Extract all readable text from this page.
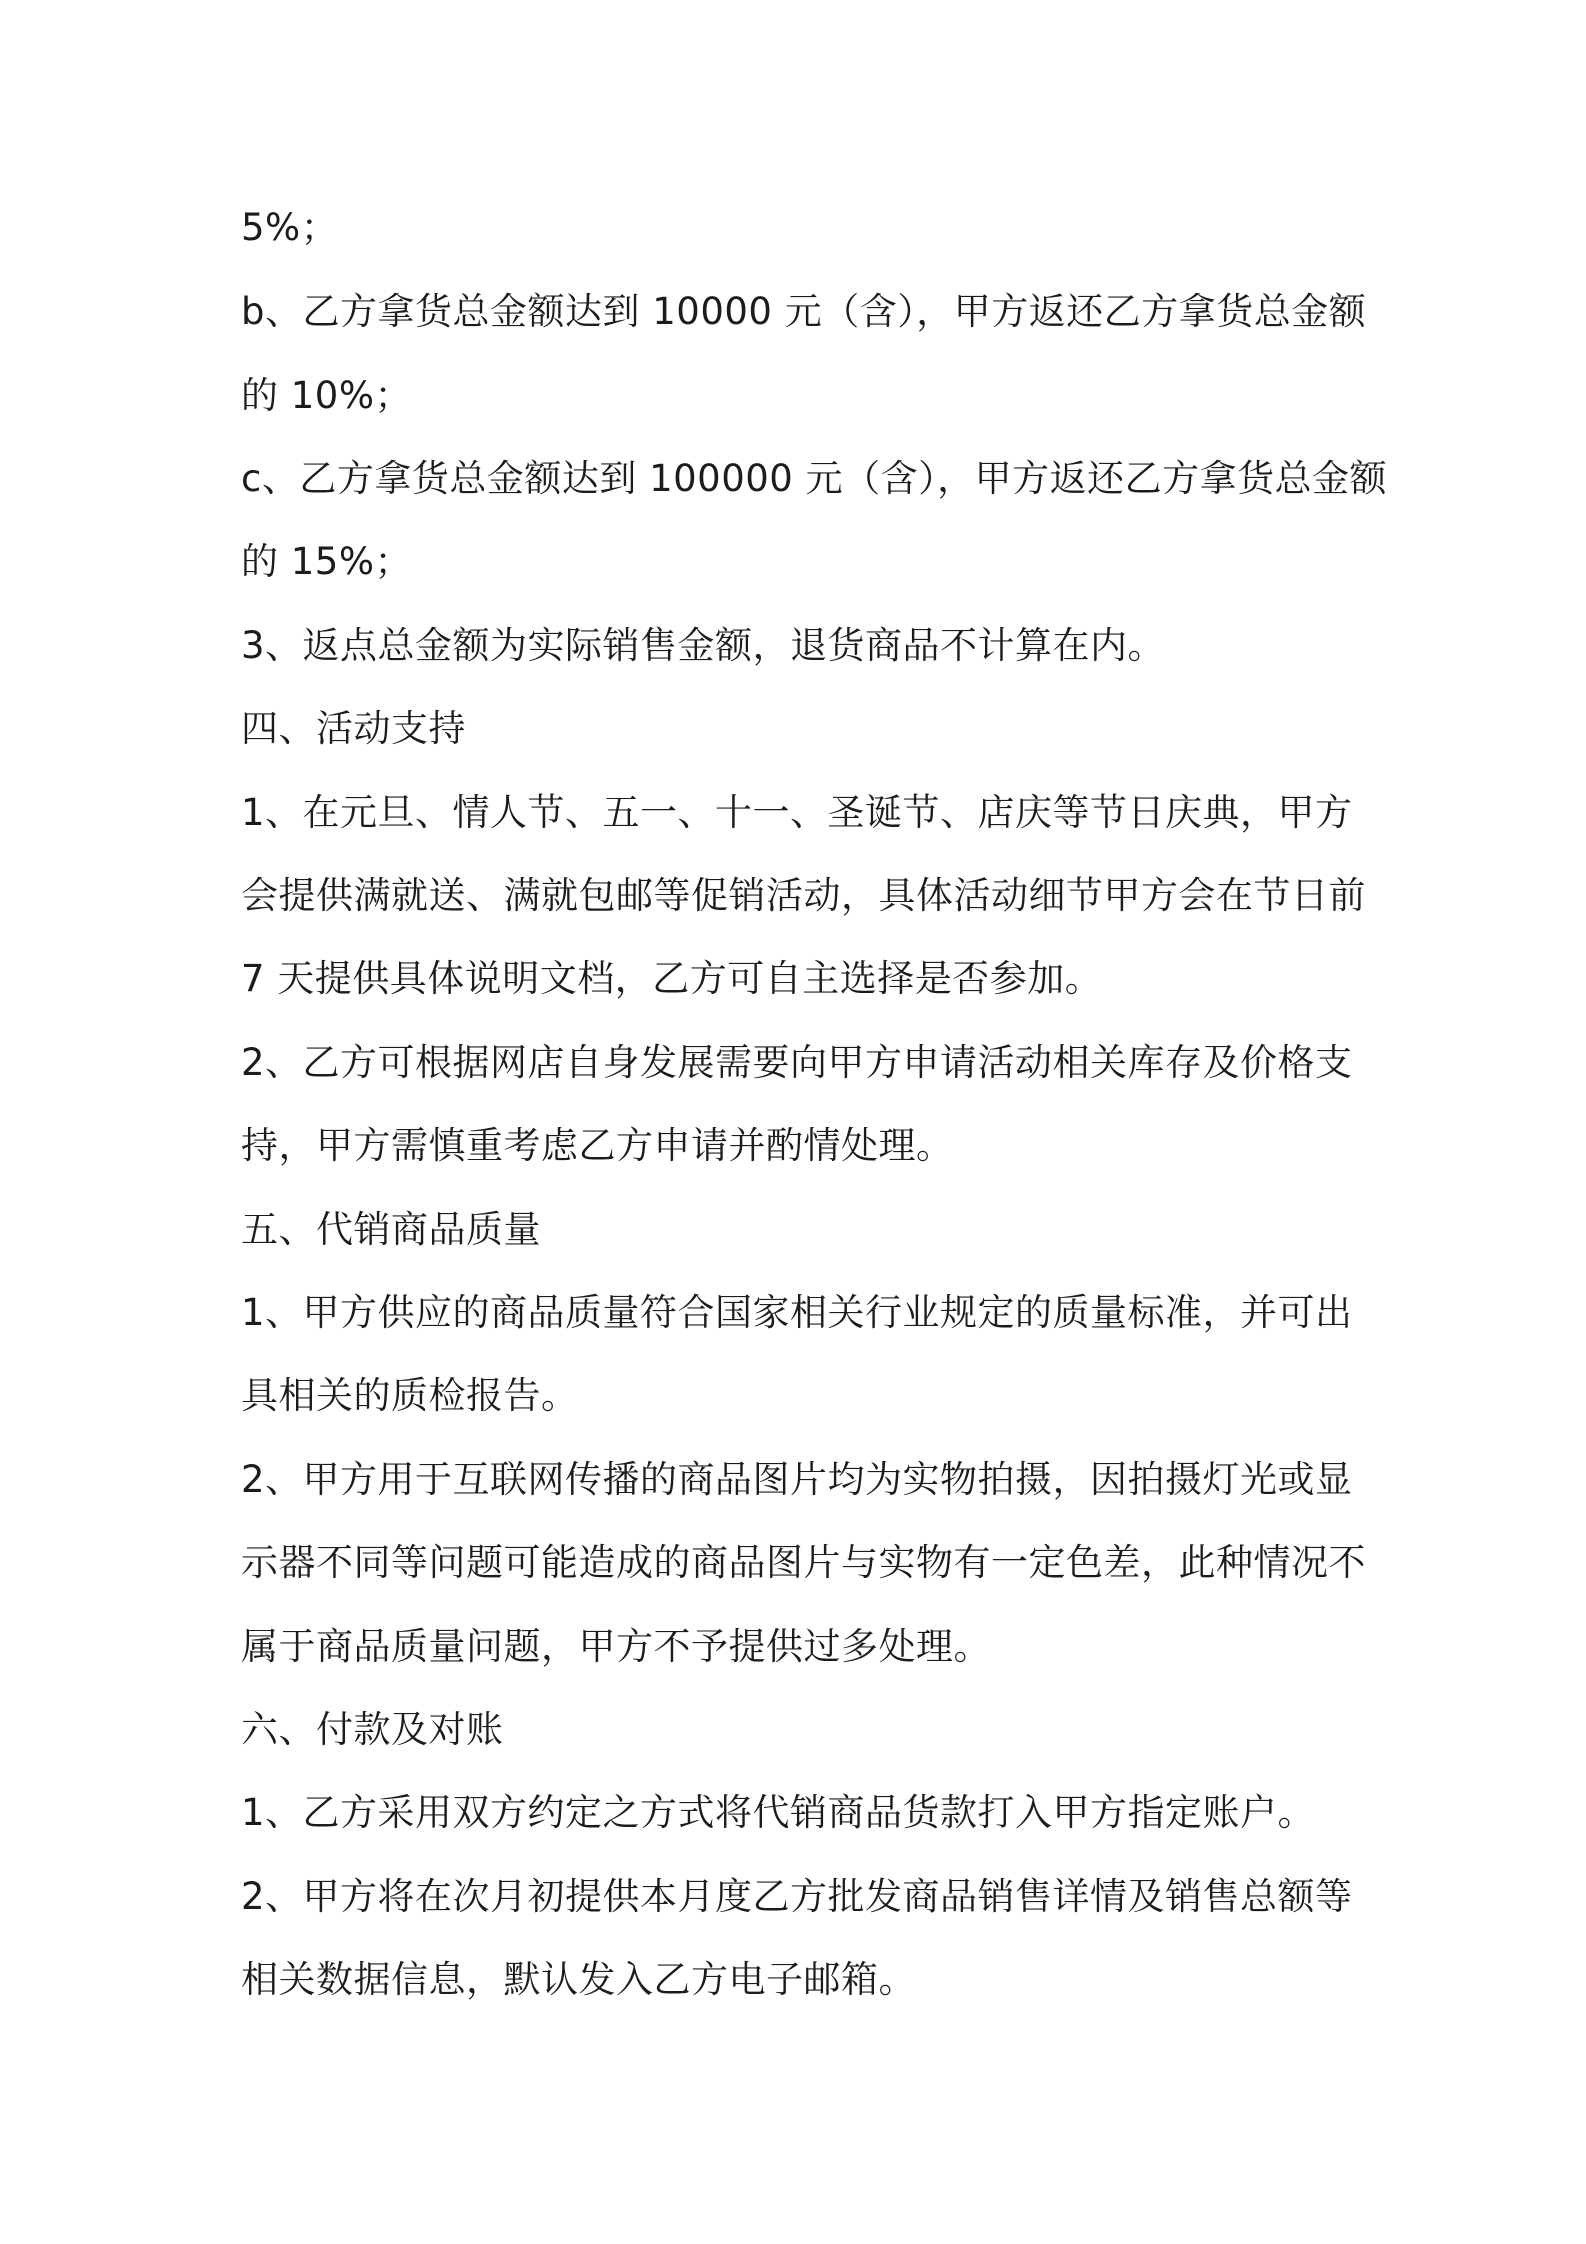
5%；

b、乙方拿货总金额达到 10000 元（含），甲方返还乙方拿货总金额

的 10%；

c、乙方拿货总金额达到 100000 元（含），甲方返还乙方拿货总金额

的 15%；

3、返点总金额为实际销售金额，退货商品不计算在内。

四、活动支持

1、在元旦、情人节、五一、十一、圣诞节、店庆等节日庆典，甲方

会提供满就送、满就包邮等促销活动，具体活动细节甲方会在节日前

7 天提供具体说明文档，乙方可自主选择是否参加。

2、乙方可根据网店自身发展需要向甲方申请活动相关库存及价格支

持，甲方需慎重考虑乙方申请并酌情处理。

五、代销商品质量

1、甲方供应的商品质量符合国家相关行业规定的质量标准，并可出

具相关的质检报告。

2、甲方用于互联网传播的商品图片均为实物拍摄，因拍摄灯光或显

示器不同等问题可能造成的商品图片与实物有一定色差，此种情况不

属于商品质量问题，甲方不予提供过多处理。

六、付款及对账

1、乙方采用双方约定之方式将代销商品货款打入甲方指定账户。

2、甲方将在次月初提供本月度乙方批发商品销售详情及销售总额等

相关数据信息，默认发入乙方电子邮箱。
